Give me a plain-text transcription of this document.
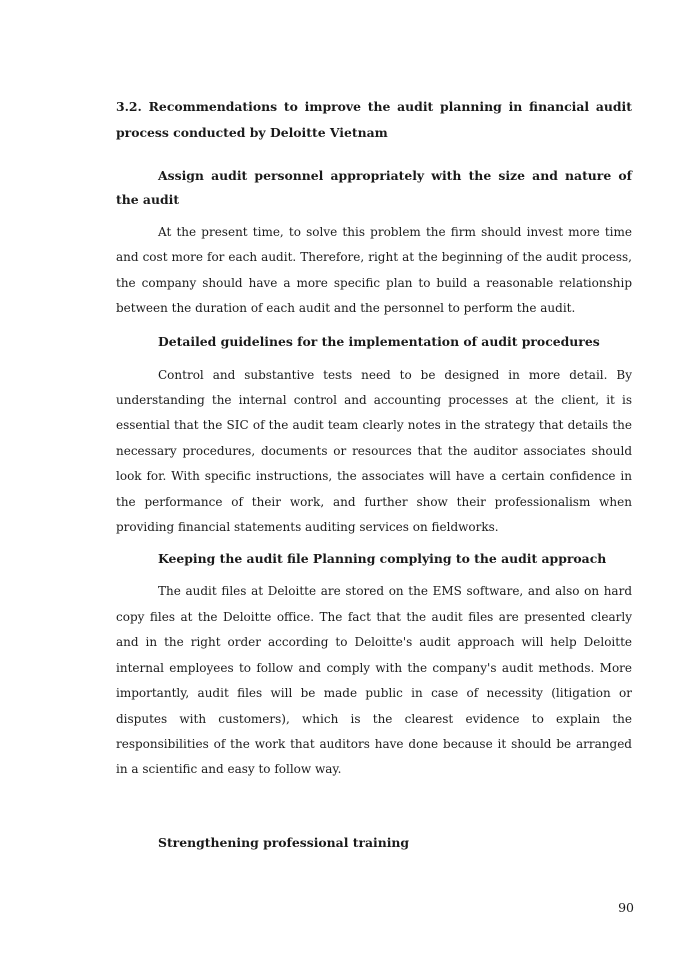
3.2. Recommendations to improve the audit planning in financial audit process conducted by Deloitte Vietnam

Assign audit personnel appropriately with the size and nature of the audit

At the present time, to solve this problem the firm should invest more time and cost more for each audit. Therefore, right at the beginning of the audit process, the company should have a more specific plan to build a reasonable relationship between the duration of each audit and the personnel to perform the audit.

Detailed guidelines for the implementation of audit procedures

Control and substantive tests need to be designed in more detail. By understanding the internal control and accounting processes at the client, it is essential that the SIC of the audit team clearly notes in the strategy that details the necessary procedures, documents or resources that the auditor associates should look for. With specific instructions, the associates will have a certain confidence in the performance of their work, and further show their professionalism when providing financial statements auditing services on fieldworks.

Keeping the audit file Planning complying to the audit approach

The audit files at Deloitte are stored on the EMS software, and also on hard copy files at the Deloitte office. The fact that the audit files are presented clearly and in the right order according to Deloitte's audit approach will help Deloitte internal employees to follow and comply with the company's audit methods. More importantly, audit files will be made public in case of necessity (litigation or disputes with customers), which is the clearest evidence to explain the responsibilities of the work that auditors have done because it should be arranged in a scientific and easy to follow way.

Strengthening professional training

90
